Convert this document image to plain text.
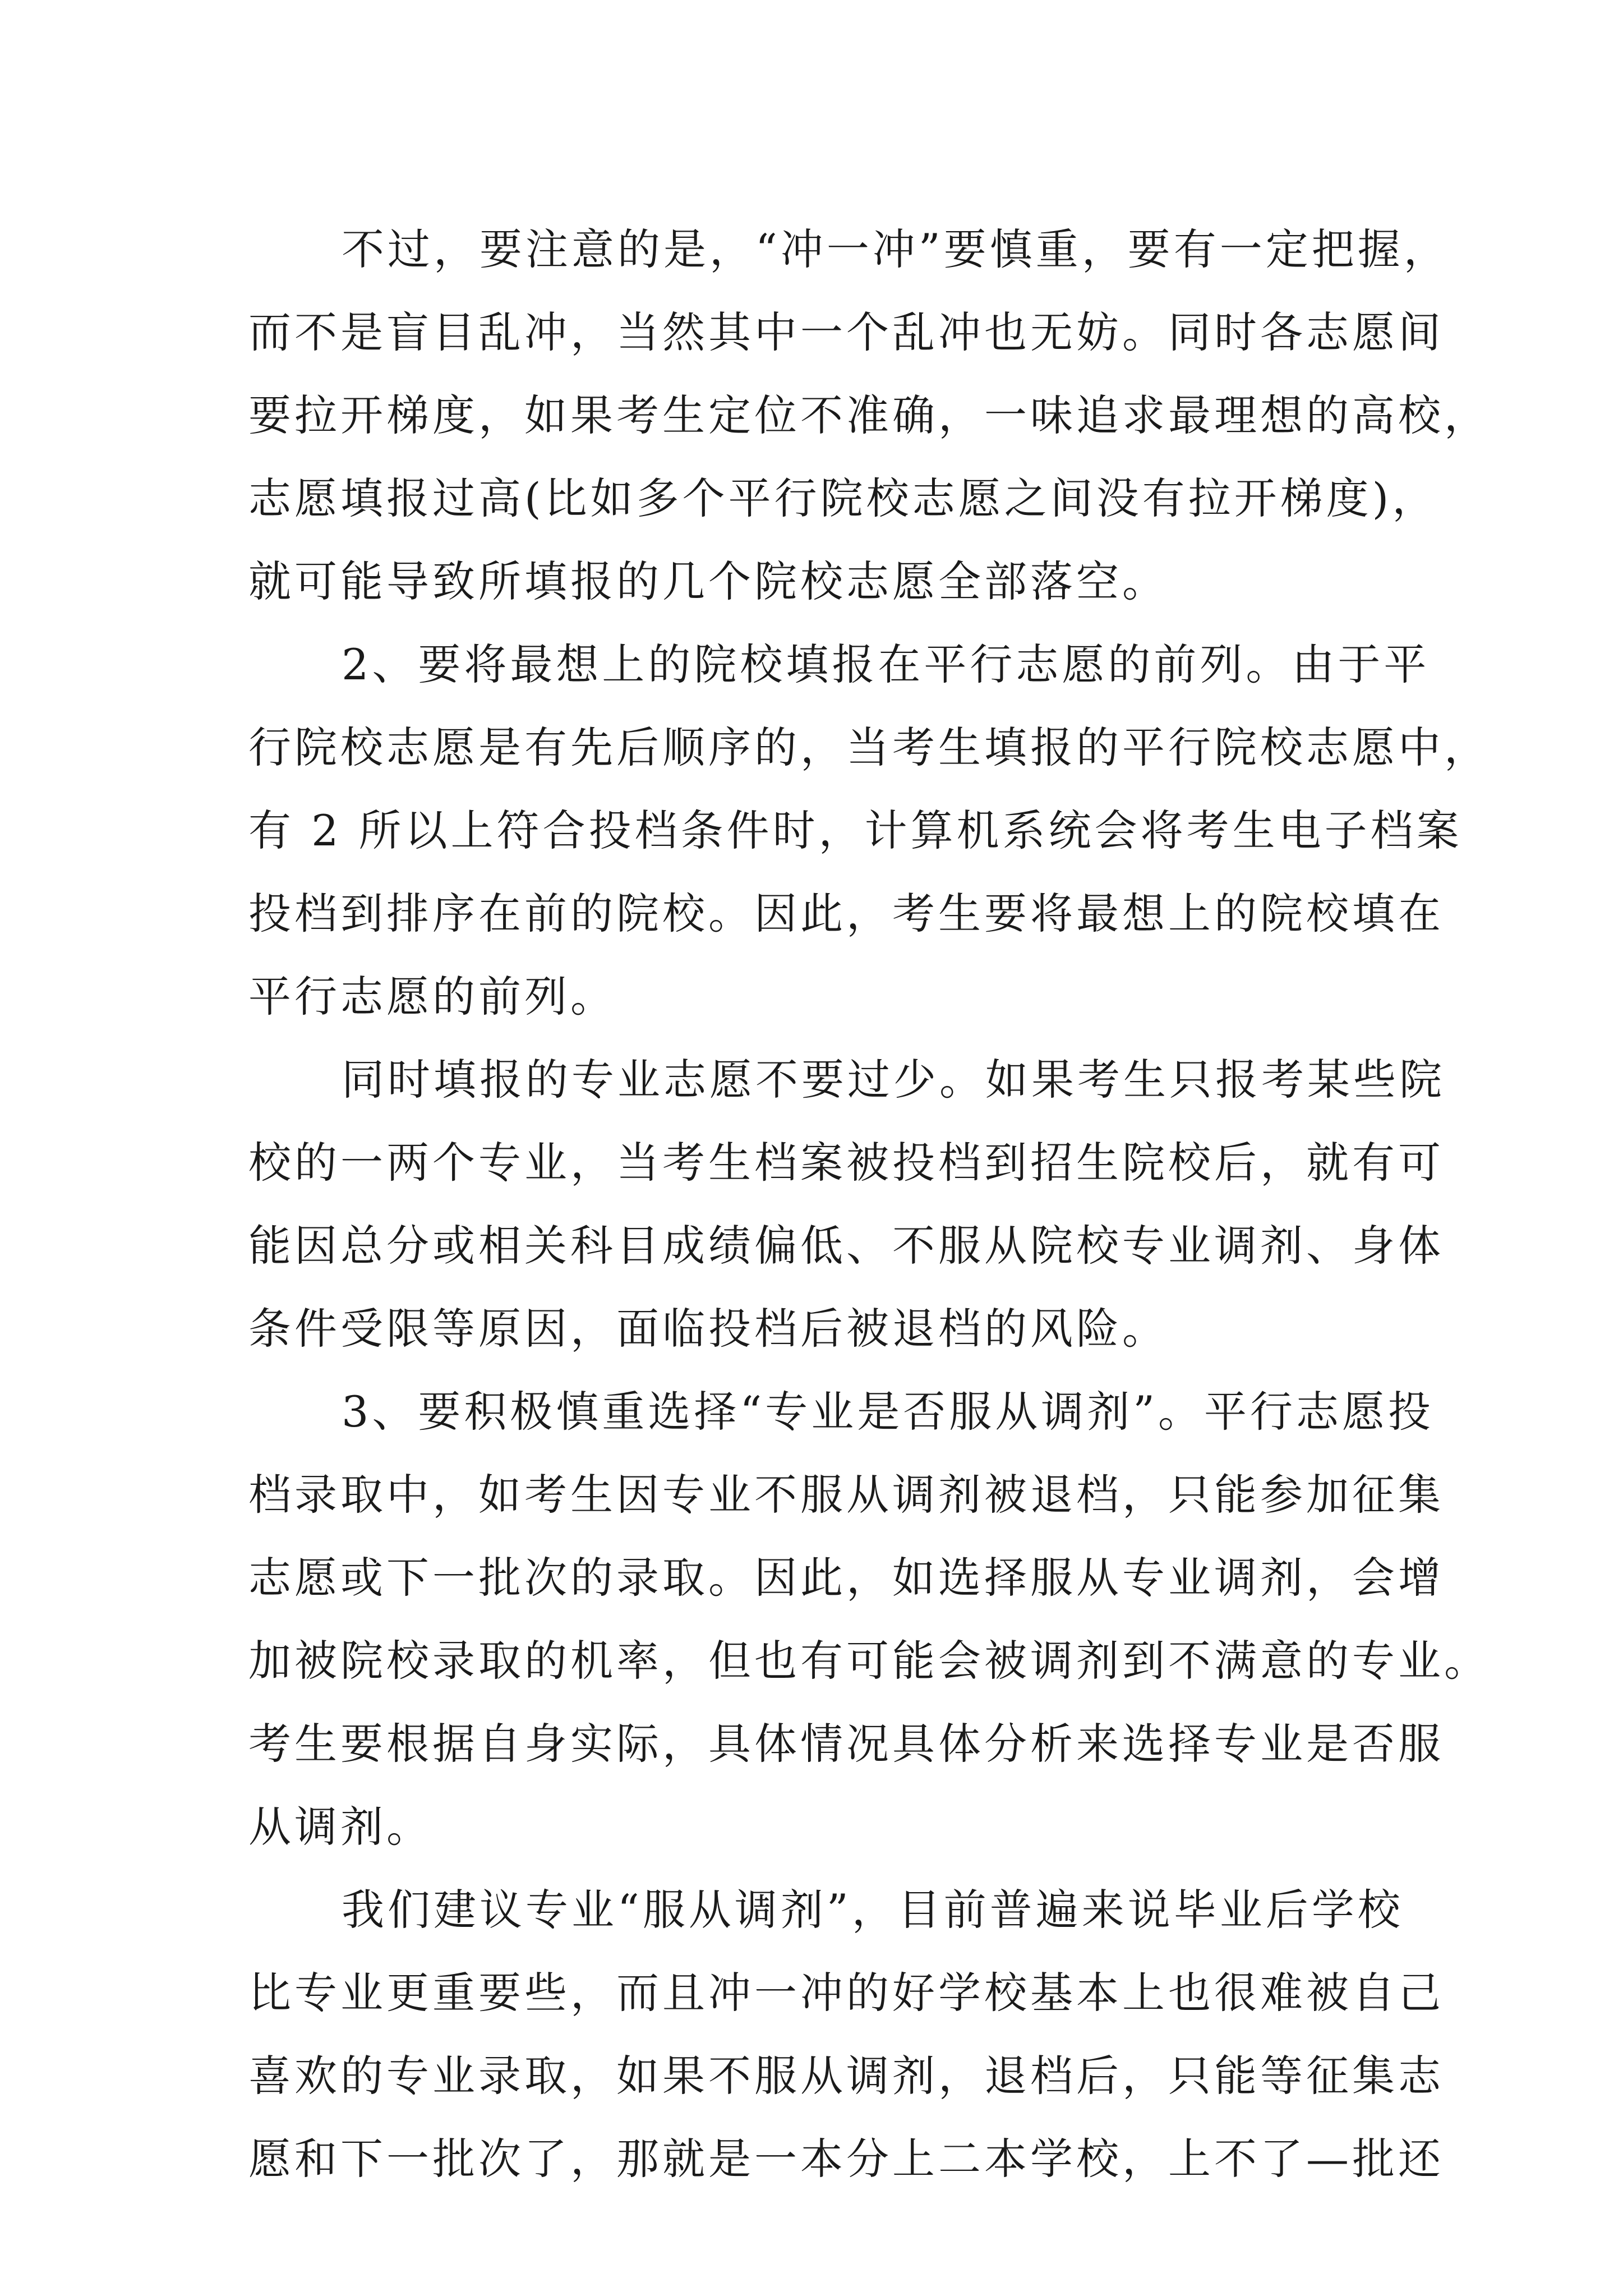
不过，要注意的是，“冲一冲”要慎重，要有一定把握，
而不是盲目乱冲，当然其中一个乱冲也无妨。同时各志愿间
要拉开梯度，如果考生定位不准确，一味追求最理想的高校，
志愿填报过高(比如多个平行院校志愿之间没有拉开梯度)，
就可能导致所填报的几个院校志愿全部落空。
2、要将最想上的院校填报在平行志愿的前列。由于平
行院校志愿是有先后顺序的，当考生填报的平行院校志愿中，
有 2 所以上符合投档条件时，计算机系统会将考生电子档案
投档到排序在前的院校。因此，考生要将最想上的院校填在
平行志愿的前列。
同时填报的专业志愿不要过少。如果考生只报考某些院
校的一两个专业，当考生档案被投档到招生院校后，就有可
能因总分或相关科目成绩偏低、不服从院校专业调剂、身体
条件受限等原因，面临投档后被退档的风险。
3、要积极慎重选择“专业是否服从调剂”。平行志愿投
档录取中，如考生因专业不服从调剂被退档，只能参加征集
志愿或下一批次的录取。因此，如选择服从专业调剂，会增
加被院校录取的机率，但也有可能会被调剂到不满意的专业。
考生要根据自身实际，具体情况具体分析来选择专业是否服
从调剂。
我们建议专业“服从调剂”，目前普遍来说毕业后学校
比专业更重要些，而且冲一冲的好学校基本上也很难被自己
喜欢的专业录取，如果不服从调剂，退档后，只能等征集志
愿和下一批次了，那就是一本分上二本学校，上不了—批还
